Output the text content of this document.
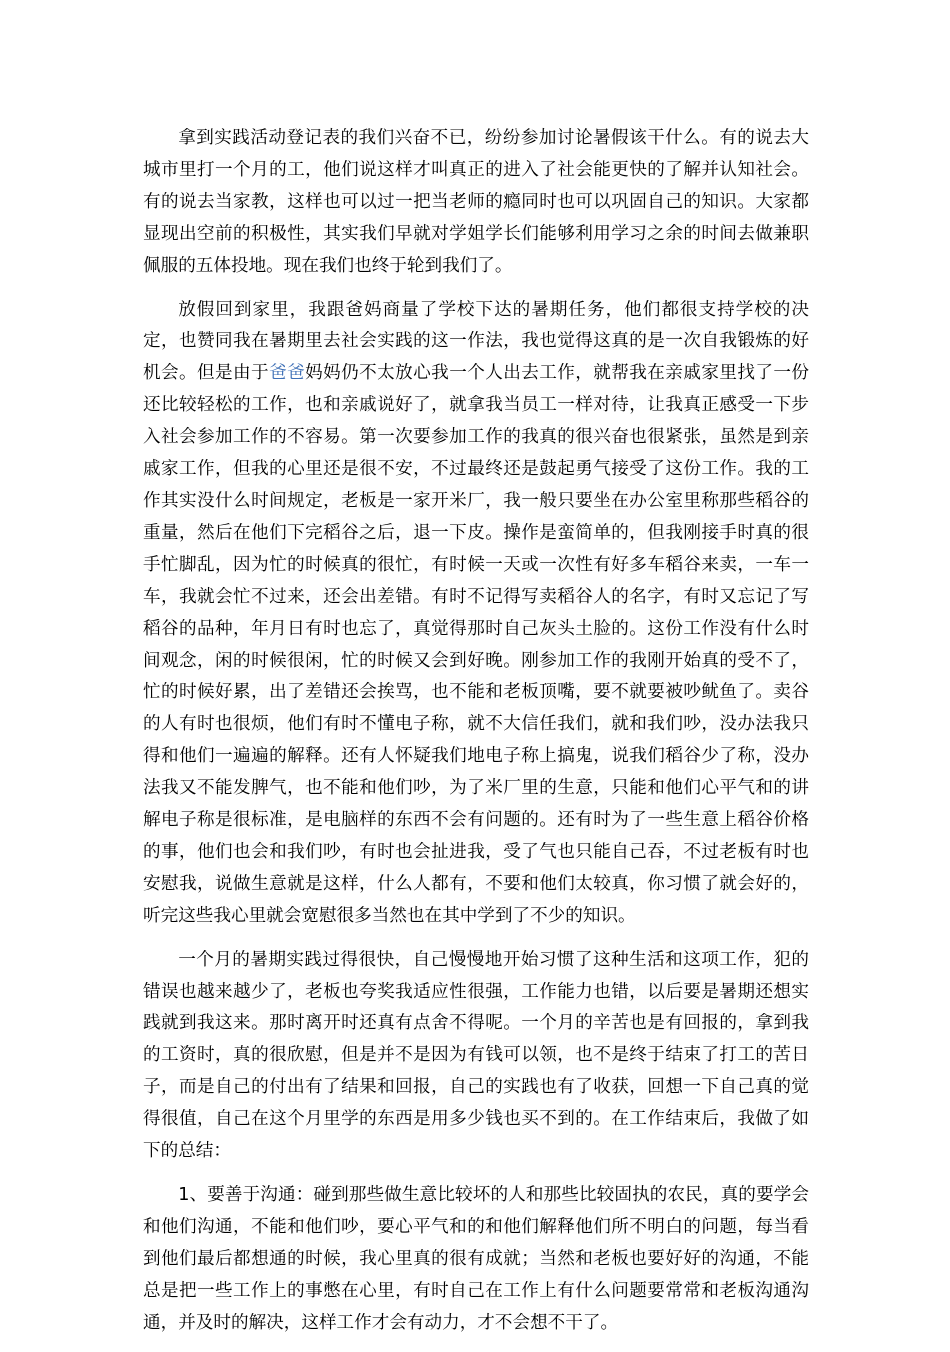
拿到实践活动登记表的我们兴奋不已，纷纷参加讨论暑假该干什么。有的说去大城市里打一个月的工，他们说这样才叫真正的进入了社会能更快的了解并认知社会。有的说去当家教，这样也可以过一把当老师的瘾同时也可以巩固自己的知识。大家都显现出空前的积极性，其实我们早就对学姐学长们能够利用学习之余的时间去做兼职佩服的五体投地。现在我们也终于轮到我们了。

放假回到家里，我跟爸妈商量了学校下达的暑期任务，他们都很支持学校的决定，也赞同我在暑期里去社会实践的这一作法，我也觉得这真的是一次自我锻炼的好机会。但是由于爸爸妈妈仍不太放心我一个人出去工作，就帮我在亲戚家里找了一份还比较轻松的工作，也和亲戚说好了，就拿我当员工一样对待，让我真正感受一下步入社会参加工作的不容易。第一次要参加工作的我真的很兴奋也很紧张，虽然是到亲戚家工作，但我的心里还是很不安，不过最终还是鼓起勇气接受了这份工作。我的工作其实没什么时间规定，老板是一家开米厂，我一般只要坐在办公室里称那些稻谷的重量，然后在他们下完稻谷之后，退一下皮。操作是蛮简单的，但我刚接手时真的很手忙脚乱，因为忙的时候真的很忙，有时候一天或一次性有好多车稻谷来卖，一车一车，我就会忙不过来，还会出差错。有时不记得写卖稻谷人的名字，有时又忘记了写稻谷的品种，年月日有时也忘了，真觉得那时自己灰头土脸的。这份工作没有什么时间观念，闲的时候很闲，忙的时候又会到好晚。刚参加工作的我刚开始真的受不了，忙的时候好累，出了差错还会挨骂，也不能和老板顶嘴，要不就要被吵鱿鱼了。卖谷的人有时也很烦，他们有时不懂电子称，就不大信任我们，就和我们吵，没办法我只得和他们一遍遍的解释。还有人怀疑我们地电子称上搞鬼，说我们稻谷少了称，没办法我又不能发脾气，也不能和他们吵，为了米厂里的生意，只能和他们心平气和的讲解电子称是很标准，是电脑样的东西不会有问题的。还有时为了一些生意上稻谷价格的事，他们也会和我们吵，有时也会扯进我，受了气也只能自己吞，不过老板有时也安慰我，说做生意就是这样，什么人都有，不要和他们太较真，你习惯了就会好的，听完这些我心里就会宽慰很多当然也在其中学到了不少的知识。

一个月的暑期实践过得很快，自己慢慢地开始习惯了这种生活和这项工作，犯的错误也越来越少了，老板也夸奖我适应性很强，工作能力也错，以后要是暑期还想实践就到我这来。那时离开时还真有点舍不得呢。一个月的辛苦也是有回报的，拿到我的工资时，真的很欣慰，但是并不是因为有钱可以领，也不是终于结束了打工的苦日子，而是自己的付出有了结果和回报，自己的实践也有了收获，回想一下自己真的觉得很值，自己在这个月里学的东西是用多少钱也买不到的。在工作结束后，我做了如下的总结：

1、要善于沟通：碰到那些做生意比较坏的人和那些比较固执的农民，真的要学会和他们沟通，不能和他们吵，要心平气和的和他们解释他们所不明白的问题，每当看到他们最后都想通的时候，我心里真的很有成就；当然和老板也要好好的沟通，不能总是把一些工作上的事憋在心里，有时自己在工作上有什么问题要常常和老板沟通沟通，并及时的解决，这样工作才会有动力，才不会想不干了。
